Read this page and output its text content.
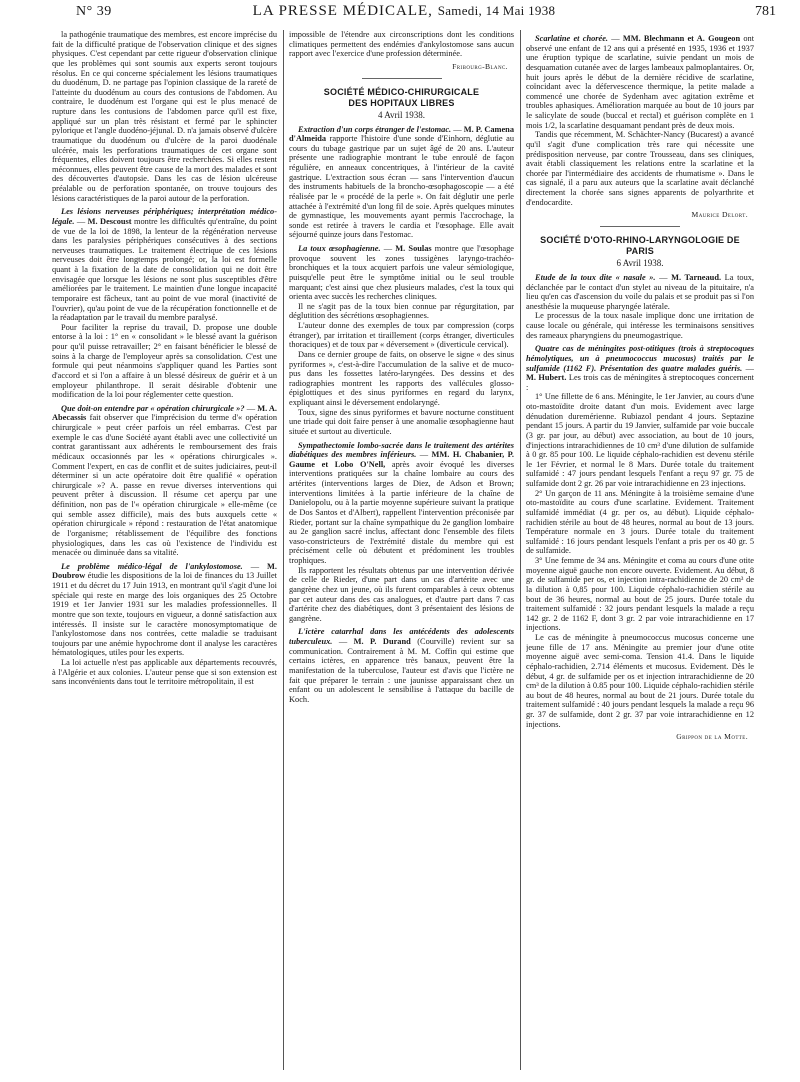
N° 39	LA PRESSE MÉDICALE, Samedi, 14 Mai 1938	781

la pathogénie traumatique des membres, est encore imprécise du fait de la difficulté pratique de l'observation clinique et des signes physiques. C'est cependant par cette rigueur d'observation clinique que les problèmes qui sont soumis aux experts seront toujours résolus. En ce qui concerne spécialement les lésions traumatiques du duodénum, D. ne partage pas l'opinion classique de la rareté de l'atteinte du duodénum au cours des contusions de l'abdomen. Au contraire, le duodénum est l'organe qui est le plus menacé de rupture dans les contusions de l'abdomen parce qu'il est fixe, appliqué sur un plan très résistant et fermé par le sphincter pylorique et l'angle duodéno-jéjunal. D. n'a jamais observé d'ulcère traumatique du duodénum ou d'ulcère de la paroi duodénale ulcérée, mais les perforations traumatiques de cet organe sont fréquentes, elles doivent toujours être recherchées. Si elles restent méconnues, elles peuvent être cause de la mort des malades et sont des découvertes d'autopsie. Dans les cas de lésion ulcéreuse préalable ou de perforation spontanée, on trouve toujours des lésions caractéristiques de la paroi autour de la perforation.

Les lésions nerveuses périphériques; interprétation médico-légale. — M. Descoust montre les difficultés qu'entraîne, du point de vue de la loi de 1898, la lenteur de la régénération nerveuse dans les paralysies périphériques consécutives à des sections nerveuses traumatiques. Le traitement électrique de ces lésions nerveuses doit être longtemps prolongé; or, la loi est formelle quant à la fixation de la date de consolidation qui ne doit être envisagée que lorsque les lésions ne sont plus susceptibles d'être améliorées par le traitement. Le maintien d'une longue incapacité temporaire est fâcheux, tant au point de vue moral (inactivité de l'ouvrier), qu'au point de vue de la récupération fonctionnelle et de la réadaptation par le travail du membre paralysé.

Pour faciliter la reprise du travail, D. propose une double entorse à la loi : 1° en « consolidant » le blessé avant la guérison pour qu'il puisse retravailler; 2° en faisant bénéficier le blessé de soins à la charge de l'employeur après sa consolidation. C'est une formule qui peut néanmoins s'appliquer quand les Parties sont d'accord et si l'on a affaire à un blessé désireux de guérir et à un employeur philanthrope. Il serait désirable d'obtenir une modification de la loi pour réglementer cette question.

Que doit-on entendre par « opération chirurgicale »? — M. A. Abecassis fait observer que l'imprécision du terme d'« opération chirurgicale » peut créer parfois un réel embarras. C'est par exemple le cas d'une Société ayant établi avec une collectivité un contrat garantissant aux adhérents le remboursement des frais médicaux occasionnés par les « opérations chirurgicales ». Comment l'expert, en cas de conflit et de suites judiciaires, peut-il déterminer si un acte opératoire doit être qualifié « opération chirurgicale »? A. passe en revue diverses interventions qui peuvent prêter à discussion. Il résume cet aperçu par une définition, non pas de l'« opération chirurgicale » elle-même (ce qui semble assez difficile), mais des buts auxquels cette « opération chirurgicale » répond : restauration de l'état anatomique de l'organisme; rétablissement de l'équilibre des fonctions physiologiques, dans les cas où l'existence de l'individu est menacée ou diminuée dans sa vitalité.

Le problème médico-légal de l'ankylostomose. — M. Doubrow étudie les dispositions de la loi de finances du 13 Juillet 1911 et du décret du 17 Juin 1913, en montrant qu'il s'agit d'une loi spéciale qui reste en marge des lois organiques des 25 Octobre 1919 et 1er Janvier 1931 sur les maladies professionnelles. Il montre que son texte, toujours en vigueur, a donné satisfaction aux intéressés. Il insiste sur le caractère monosymptomatique de l'ankylostomose dans nos contrées, cette maladie se traduisant toujours par une anémie hypochrome dont il analyse les caractères hématologiques, utiles pour les experts.

La loi actuelle n'est pas applicable aux départements recouvrés, à l'Algérie et aux colonies. L'auteur pense que si son extension est sans inconvénients dans tout le territoire métropolitain, il est

impossible de l'étendre aux circonscriptions dont les conditions climatiques permettent des endémies d'ankylostomose sans aucun rapport avec l'exercice d'une profession déterminée.

Fribourg-Blanc.
SOCIÉTÉ MÉDICO-CHIRURGICALE
DES HOPITAUX LIBRES
4 Avril 1938.

Extraction d'un corps étranger de l'estomac. — M. P. Camena d'Almeida rapporte l'histoire d'une sonde d'Einhorn, déglutie au cours du tubage gastrique par un sujet âgé de 20 ans. L'auteur présente une radiographie montrant le tube enroulé de façon régulière, en anneaux concentriques, à l'intérieur de la cavité gastrique. L'extraction sous écran — sans l'intervention d'aucun des instruments habituels de la broncho-œsophagoscopie — a été réalisée par le « procédé de la perle ». On fait déglutir une perle attachée à l'extrémité d'un long fil de soie. Après quelques minutes de gymnastique, les mouvements ayant permis l'accrochage, la sonde est retirée à travers le cardia et l'œsophage. Elle avait séjourné quinze jours dans l'estomac.

La toux œsophagienne. — M. Soulas montre que l'œsophage provoque souvent les zones tussigènes laryngo-trachéo-bronchiques et la toux acquiert parfois une valeur sémiologique, puisqu'elle peut être le symptôme initial ou le seul trouble marquant; c'est ainsi que chez plusieurs malades, c'est la toux qui orienta avec succès les recherches cliniques.

Il ne s'agit pas de la toux bien connue par régurgitation, par déglutition des sécrétions œsophagiennes.

L'auteur donne des exemples de toux par compression (corps étranger), par irritation et tiraillement (corps étranger, diverticules thoraciques) et de toux par « déversement » (diverticule cervical).

Dans ce dernier groupe de faits, on observe le signe « des sinus pyriformes », c'est-à-dire l'accumulation de la salive et de muco-pus dans les fossettes latéro-laryngées. Des dessins et des radiographies montrent les rapports des vallécules glosso-épiglottiques et des sinus pyriformes en regard du larynx, expliquant ainsi le déversement endolaryngé.

Toux, signe des sinus pyriformes et bavure nocturne constituent une triade qui doit faire penser à une anomalie œsophagienne haut située et surtout au diverticule.

Sympathectomie lombo-sacrée dans le traitement des artérites diabétiques des membres inférieurs. — MM. H. Chabanier, P. Gaume et Lobo O'Nell, après avoir évoqué les diverses interventions pratiquées sur la chaîne lombaire au cours des artérites (interventions larges de Diez, de Adson et Brown; interventions limitées à la partie inférieure de la chaîne de Danielopolu, ou à la partie moyenne supérieure suivant la pratique de Dos Santos et d'Albert), rappellent l'intervention préconisée par Rieder, portant sur la chaîne sympathique du 2e ganglion lombaire au 2e ganglion sacré inclus, affectant donc l'ensemble des filets vaso-constricteurs de l'extrémité distale du membre qui est précisément celle où débutent et prédominent les troubles trophiques.

Ils rapportent les résultats obtenus par une intervention dérivée de celle de Rieder, d'une part dans un cas d'artérite avec une gangrène chez un jeune, où ils furent comparables à ceux obtenus par cet auteur dans des cas analogues, et d'autre part dans 7 cas d'artérite chez des diabétiques, dont 3 présentaient des lésions de gangrène.

L'ictère catarrhal dans les antécédents des adolescents tuberculeux. — M. P. Durand (Courville) revient sur sa communication. Contrairement à M. M. Coffin qui estime que certains ictères, en apparence très banaux, peuvent être la manifestation de la tuberculose, l'auteur est d'avis que l'ictère ne fait que préparer le terrain : une jaunisse apparaissant chez un enfant ou un adolescent le sensibilise à l'attaque du bacille de Koch.

Scarlatine et chorée. — MM. Blechmann et A. Gougeon ont observé une enfant de 12 ans qui a présenté en 1935, 1936 et 1937 une éruption typique de scarlatine, suivie pendant un mois de desquamation cutanée avec de larges lambeaux palmoplantaires. Or, huit jours après le début de la dernière récidive de scarlatine, coïncidant avec la défervescence thermique, la petite malade a commencé une chorée de Sydenham avec agitation extrême et troubles aphasiques. Amélioration marquée au bout de 10 jours par le salicylate de soude (buccal et rectal) et guérison complète en 1 mois 1/2, la scarlatine desquamant pendant près de deux mois.

Tandis que récemment, M. Schächter-Nancy (Bucarest) a avancé qu'il s'agit d'une complication très rare qui nécessite une prédisposition nerveuse, par contre Trousseau, dans ses cliniques, avait établi classiquement les relations entre la scarlatine et la chorée par l'intermédiaire des accidents de rhumatisme ». Dans le cas signalé, il a paru aux auteurs que la scarlatine avait déclanché directement la chorée sans signes apparents de polyarthrite et d'endocardite.

Maurice Delort.
SOCIÉTÉ D'OTO-RHINO-LARYNGOLOGIE DE PARIS
6 Avril 1938.

Etude de la toux dite « nasale ». — M. Tarneaud. La toux, déclanchée par le contact d'un stylet au niveau de la pituitaire, n'a lieu qu'en cas d'ascension du voile du palais et se produit pas si l'on anesthésie la muqueuse pharyngée latérale.

Le processus de la toux nasale implique donc une irritation de cause locale ou générale, qui intéresse les terminaisons sensitives des rameaux pharyngiens du pneumogastrique.

Quatre cas de méningites post-otitiques (trois à streptocoques hémolytiques, un à pneumococcus mucosus) traités par le sulfamide (1162 F). Présentation des quatre malades guéris. — M. Hubert. Les trois cas de méningites à streptocoques concernent :

1° Une fillette de 6 ans. Méningite, le 1er Janvier, au cours d'une oto-mastoïdite droite datant d'un mois. Evidement avec large dénudation duremérienne. Rubiazol pendant 4 jours. Septazine pendant 15 jours. A partir du 19 Janvier, sulfamide par voie buccale (3 gr. par jour, au début) avec association, au bout de 10 jours, d'injections intrarachidiennes de 10 cm³ d'une dilution de sulfamide à 0 gr. 85 pour 100. Le liquide céphalo-rachidien est devenu stérile le 1er Février, et normal le 8 Mars. Durée totale du traitement sulfamidé : 47 jours pendant lesquels l'enfant a reçu 97 gr. 75 de sulfamide dont 2 gr. 26 par voie intrarachidienne en 23 injections.

2° Un garçon de 11 ans. Méningite à la troisième semaine d'une oto-mastoïdite au cours d'une scarlatine. Evidement. Traitement sulfamidé immédiat (4 gr. per os, au début). Liquide céphalo-rachidien stérile au bout de 48 heures, normal au bout de 13 jours. Température normale en 3 jours. Durée totale du traitement sulfamidé : 16 jours pendant lesquels l'enfant a pris per os 40 gr. 5 de sulfamide.

3° Une femme de 34 ans. Méningite et coma au cours d'une otite moyenne aiguë gauche non encore ouverte. Evidement. Au début, 8 gr. de sulfamide per os, et injection intra-rachidienne de 20 cm³ de la dilution à 0,85 pour 100. Liquide céphalo-rachidien stérile au bout de 36 heures, normal au bout de 25 jours. Durée totale du traitement sulfamidé : 32 jours pendant lesquels la malade a reçu 142 gr. 2 de 1162 F, dont 3 gr. 2 par voie intrarachidienne en 17 injections.

Le cas de méningite à pneumococcus mucosus concerne une jeune fille de 17 ans. Méningite au premier jour d'une otite moyenne aiguë avec semi-coma. Tension 41.4. Dans le liquide céphalo-rachidien, 2.714 éléments et mucosus. Evidement. Dès le début, 4 gr. de sulfamide per os et injection intrarachidienne de 20 cm³ de la dilution à 0.85 pour 100. Liquide céphalo-rachidien stérile au bout de 48 heures, normal au bout de 21 jours. Durée totale du traitement sulfamidé : 40 jours pendant lesquels la malade a reçu 96 gr. 37 de sulfamide, dont 2 gr. 37 par voie intrarachidienne en 12 injections.

Grippon de la Motte.
